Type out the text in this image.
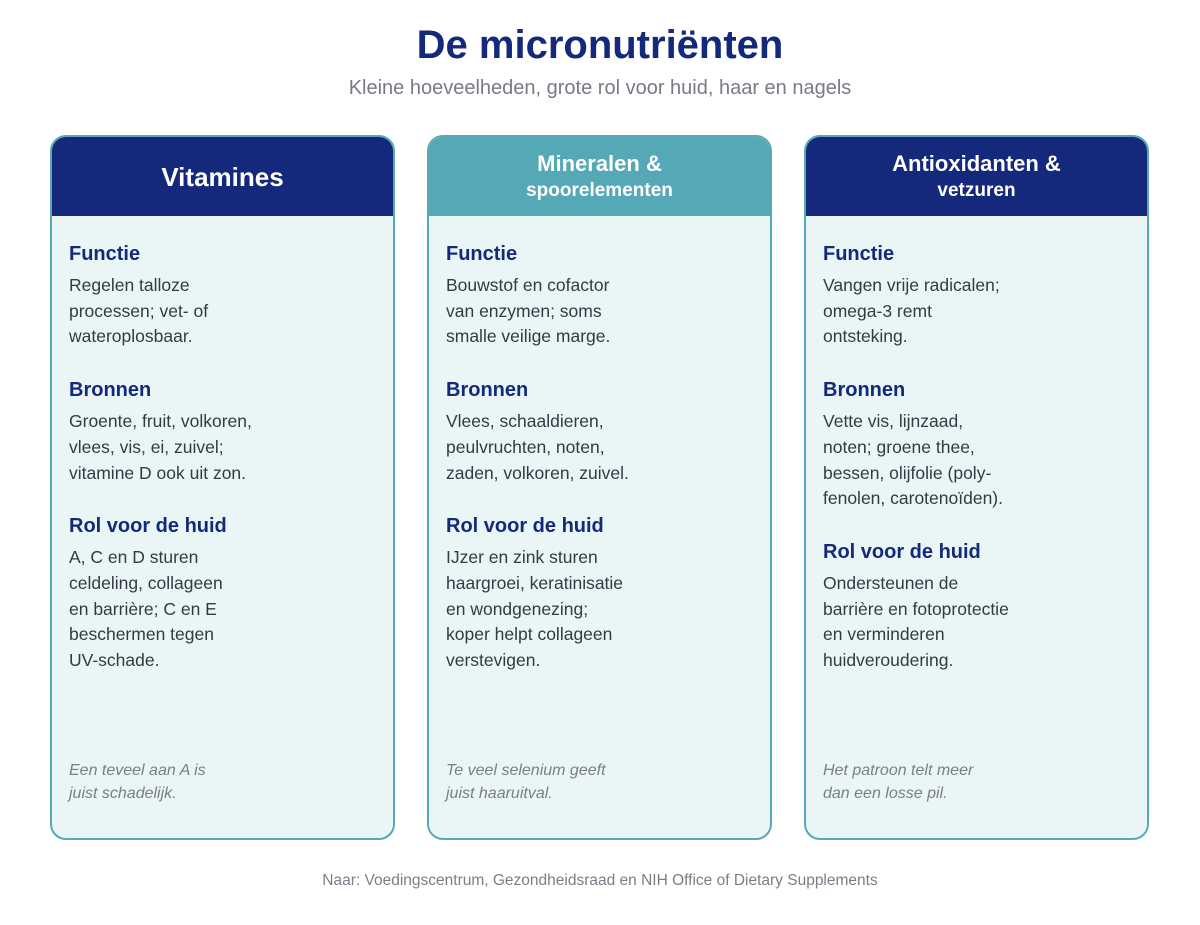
De micronutriënten
Kleine hoeveelheden, grote rol voor huid, haar en nagels
Vitamines
Functie
Regelen talloze
processen; vet- of
wateroplosbaar.
Bronnen
Groente, fruit, volkoren,
vlees, vis, ei, zuivel;
vitamine D ook uit zon.
Rol voor de huid
A, C en D sturen
celdeling, collageen
en barrière; C en E
beschermen tegen
UV-schade.
Een teveel aan A is
juist schadelijk.
Mineralen &
spoorelementen
Functie
Bouwstof en cofactor
van enzymen; soms
smalle veilige marge.
Bronnen
Vlees, schaaldieren,
peulvruchten, noten,
zaden, volkoren, zuivel.
Rol voor de huid
IJzer en zink sturen
haargroei, keratinisatie
en wondgenezing;
koper helpt collageen
verstevigen.
Te veel selenium geeft
juist haaruitval.
Antioxidanten &
vetzuren
Functie
Vangen vrije radicalen;
omega-3 remt
ontsteking.
Bronnen
Vette vis, lijnzaad,
noten; groene thee,
bessen, olijfolie (poly-
fenolen, carotenoïden).
Rol voor de huid
Ondersteunen de
barrière en fotoprotectie
en verminderen
huidveroudering.
Het patroon telt meer
dan een losse pil.
Naar: Voedingscentrum, Gezondheidsraad en NIH Office of Dietary Supplements
